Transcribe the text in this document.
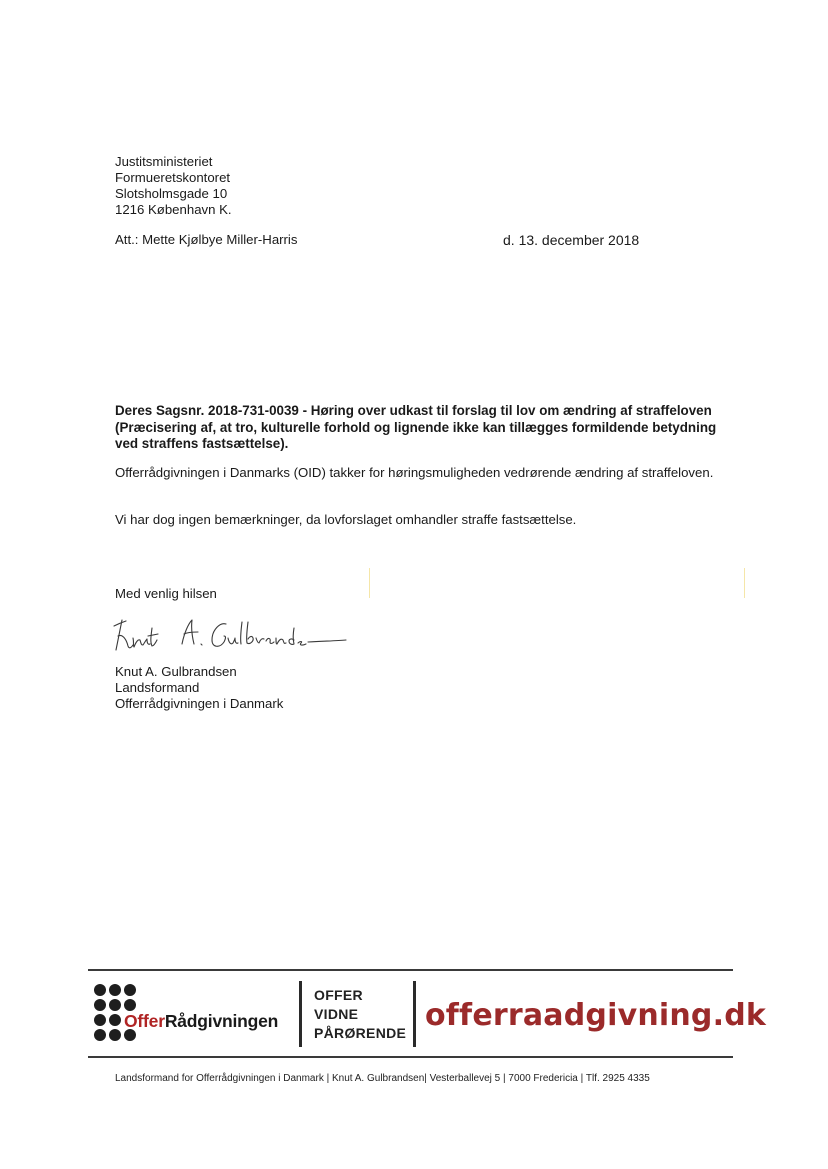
Justitsministeriet
Formueretskontoret
Slotsholmsgade 10
1216 København K.
Att.: Mette Kjølbye Miller-Harris	d. 13. december 2018
Deres Sagsnr. 2018-731-0039 - Høring over udkast til forslag til lov om ændring af straffeloven (Præcisering af, at tro, kulturelle forhold og lignende ikke kan tillægges formildende betydning ved straffens fastsættelse).
Offerrådgivningen i Danmarks (OID) takker for høringsmuligheden vedrørende ændring af straffeloven.
Vi har dog ingen bemærkninger, da lovforslaget omhandler straffe fastsættelse.
Med venlig hilsen
Knut A. Gulbrandsen
Landsformand
Offerrådgivningen i Danmark
OfferRådgivningen
OFFER
VIDNE
PÅRØRENDE offerraadgivning.dk
Landsformand for Offerrådgivningen i Danmark | Knut A. Gulbrandsen| Vesterballevej 5 | 7000 Fredericia | Tlf. 2925 4335
